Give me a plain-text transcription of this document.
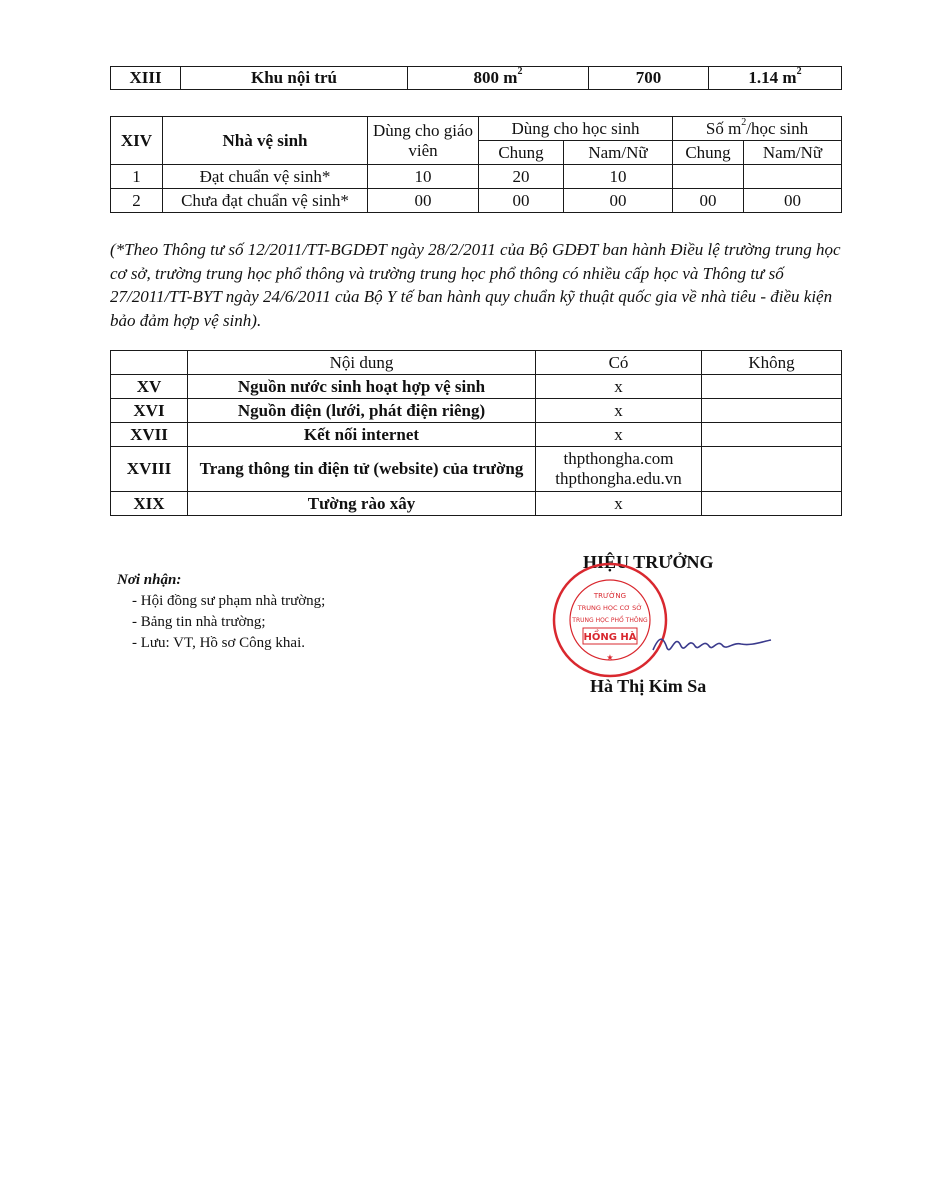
XIII	Khu nội trú	800 $m^2$	700	1.14 $m^2$
XIV	Nhà vệ sinh	Dùng cho giáo viên	Dùng cho học sinh		Số $m^2$/học sinh	
			Chung	Nam/Nữ	Chung	Nam/Nữ
1	Đạt chuẩn vệ sinh*	10	20	10		
2	Chưa đạt chuẩn vệ sinh*	00	00	00	00	00

(*Theo Thông tư số 12/2011/TT-BGDĐT ngày 28/2/2011 của Bộ GDĐT ban hành Điều lệ trường trung học cơ sở, trường trung học phổ thông và trường trung học phổ thông có nhiều cấp học và Thông tư số 27/2011/TT-BYT ngày 24/6/2011 của Bộ Y tế ban hành quy chuẩn kỹ thuật quốc gia về nhà tiêu - điều kiện bảo đảm hợp vệ sinh).

	Nội dung	Có	Không
XV	Nguồn nước sinh hoạt hợp vệ sinh	x	
XVI	Nguồn điện (lưới, phát điện riêng)	x	
XVII	Kết nối internet	x	
XVIII	Trang thông tin điện tử (website) của trường	thpthongha.com
thpthongha.edu.vn	

XIX	Tường rào xây	x	
Nơi nhận:
- Hội đồng sư phạm nhà trường;
- Bảng tin nhà trường;
- Lưu: VT, Hồ sơ Công khai.
HIỆU TRƯỞNG
TRƯỜNG
TRUNG HỌC CƠ SỞ
TRUNG HỌC PHỔ THÔNG
HỒNG HÀ
★
Hà Thị Kim Sa
